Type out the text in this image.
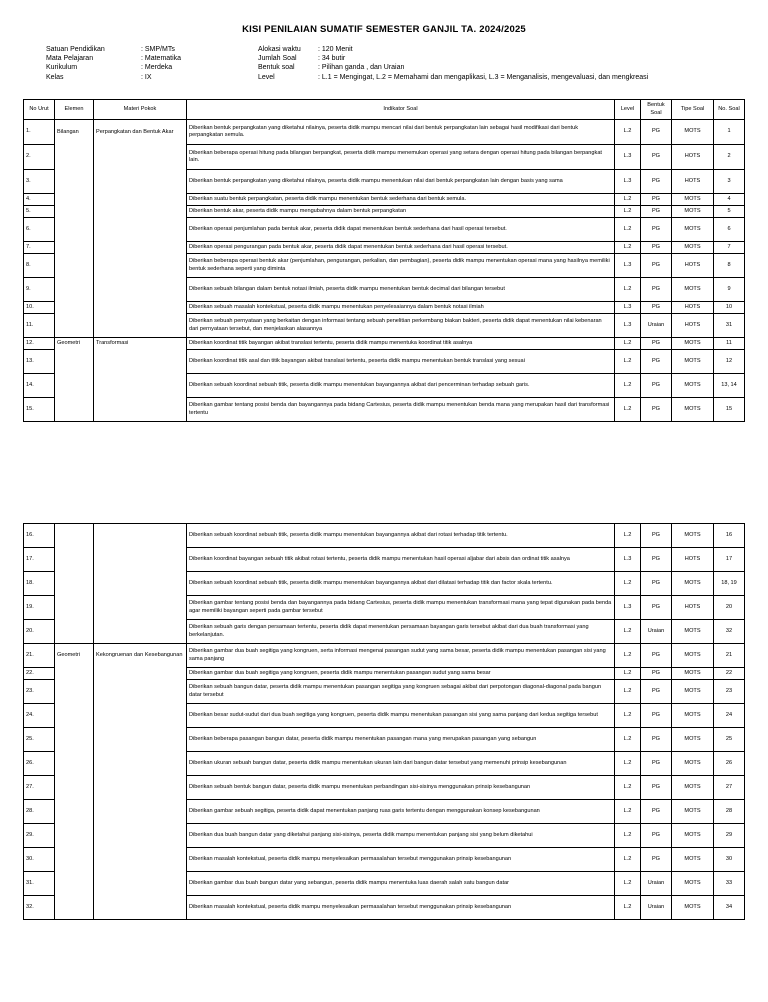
KISI PENILAIAN SUMATIF SEMESTER GANJIL TA. 2024/2025
Satuan Pendidikan	: SMP/MTs
Mata Pelajaran	: Matematika
Kurikulum	: Merdeka
Kelas	: IX
Alokasi waktu	: 120 Menit
Jumlah Soal	: 34 butir
Bentuk soal	: Pilihan ganda , dan Uraian
Level	: L.1 = Mengingat, L.2 = Memahami dan mengaplikasi, L.3 = Menganalisis, mengevaluasi, dan mengkreasi
No Urut	Elemen	Materi Pokok	Indikator Soal	Level	Bentuk Soal	Tipe Soal	No. Soal
1.	Bilangan	Perpangkatan dan Bentuk Akar	Diberikan bentuk perpangkatan yang diketahui nilainya, peserta didik mampu mencari nilai dari bentuk perpangkatan lain sebagai hasil modifikasi dari bentuk perpangkatan semula.	L.2	PG	MOTS	1
2.			Diberikan beberapa operasi hitung pada bilangan berpangkat, peserta didik mampu menemukan operasi yang setara dengan operasi hitung pada bilangan berpangkat lain.	L.3	PG	HOTS	2
3.			Diberikan bentuk perpangkatan yang diketahui nilainya, peserta didik mampu menentukan nilai dari bentuk perpangkatan lain dengan basis yang sama	L.3	PG	HOTS	3
4.			Diberikan suatu bentuk perpangkatan, peserta didik mampu menentukan bentuk sederhana dari bentuk semula.	L.2	PG	MOTS	4
5.			Diberikan bentuk akar, peserta didik mampu mengubahnya dalam bentuk perpangkatan	L.2	PG	MOTS	5
6.			Diberikan operasi penjumlahan pada bentuk akar, peserta didik dapat menentukan bentuk sederhana dari hasil operasi tersebut.	L.2	PG	MOTS	6
7.			Diberikan operasi pengurangan pada bentuk akar, peserta didik dapat menentukan bentuk sederhana dari hasil operasi tersebut.	L.2	PG	MOTS	7
8.			Diberikan beberapa operasi bentuk akar (penjumlahan, pengurangan, perkalian, dan pembagian), peserta didik mampu menentukan operasi mana yang hasilnya memiliki bentuk sederhana seperti yang diminta	L.3	PG	HOTS	8
9.			Diberikan sebuah bilangan dalam bentuk notasi ilmiah, peserta didik mampu menentukan bentuk decimal dari bilangan tersebut	L.2	PG	MOTS	9
10.			Diberikan sebuah masalah kontekstual, peserta didik mampu menentukan penyelesaiannya dalam bentuk notasi ilmiah	L.3	PG	HOTS	10
11.			Diberikan sebuah pernyataan yang berkaitan dengan informasi tentang sebuah penelitian perkembang biakan bakteri, peserta didik dapat menentukan nilai kebenaran dari pernyataan tersebut, dan menjelaskan alasannya	L.3	Uraian	HOTS	31
12.	Geometri	Transformasi	Diberikan koordinat titik bayangan akibat translasi tertentu, peserta didik mampu menentuka koordinat titik asalnya	L.2	PG	MOTS	11
13.			Diberikan koordinat titik asal dan titik bayangan akibat translasi tertentu, peserta didik mampu menentukan bentuk translasi yang sesuai	L.2	PG	MOTS	12
14.			Diberikan sebuah koordinat sebuah titik, peserta didik mampu menentukan bayangannya akibat dari pencerminan terhadap sebuah garis.	L.2	PG	MOTS	13, 14
15.			Diberikan gambar tentang posisi benda dan bayangannya pada bidang Cartesius, peserta didik mampu menentukan benda mana yang merupakan hasil dari transformasi tertentu	L.2	PG	MOTS	15
16.			Diberikan sebuah koordinat sebuah titik, peserta didik mampu menentukan bayangannya akibat dari rotasi terhadap titik tertentu.	L.2	PG	MOTS	16
17.			Diberikan koordinat bayangan sebuah titik akibat rotasi tertentu, peserta didik mampu menentukan hasil operasi aljabar dari absis dan ordinat titik asalnya	L.3	PG	HOTS	17
18.			Diberikan sebuah koordinat sebuah titik, peserta didik mampu menentukan bayangannya akibat dari dilatasi terhadap titik dan factor skala tertentu.	L.2	PG	MOTS	18, 19
19.			Diberikan gambar tentang posisi benda dan bayangannya pada bidang Cartesius, peserta didik mampu menentukan transformasi mana yang tepat digunakan pada benda agar memiliki bayangan seperti pada gambar tersebut	L.3	PG	HOTS	20
20.			Diberikan sebuah garis dengan persamaan tertentu, peserta didik dapat menentukan persamaan bayangan garis tersebut akibat dari dua buah transformasi yang berkelanjutan.	L.2	Uraian	MOTS	32
21.	Geometri	Kekongruenan dan Kesebangunan	Diberikan gambar dua buah segitiga yang kongruen, serta informasi mengenai pasangan sudut yang sama besar, peserta didik mampu menentukan pasangan sisi yang sama panjang	L.2	PG	MOTS	21
22.			Diberikan gambar dua buah segitiga yang kongruen, peserta didik mampu menentukan pasangan sudut yang sama besar	L.2	PG	MOTS	22
23.			Diberikan sebuah bangun datar, peserta didik mampu menentukan pasangan segitiga yang kongruen sebagai akibat dari perpotongan diagonal-diagonal pada bangun datar tersebut	L.2	PG	MOTS	23
24.			Diberikan besar sudut-sudut dari dua buah segitiga yang kongruen, peserta didik mampu menentukan pasangan sisi yang sama panjang dari kedua segitiga tersebut	L.2	PG	MOTS	24
25.			Diberikan beberapa pasangan bangun datar, peserta didik mampu menentukan pasangan mana yang merupakan pasangan yang sebangun	L.2	PG	MOTS	25
26.			Diberikan ukuran sebuah bangun datar, peserta didik mampu menentukan ukuran lain dari bangun datar tersebut yang memenuhi prinsip kesebangunan	L.2	PG	MOTS	26
27.			Diberikan sebuah bentuk bangun datar, peserta didik mampu menentukan perbandingan sisi-sisinya menggunakan prinsip kesebangunan	L.2	PG	MOTS	27
28.			Diberikan gambar sebuah segitiga, peserta didik dapat menentukan panjang ruas garis tertentu dengan menggunakan konsep kesebangunan	L.2	PG	MOTS	28
29.			Diberikan dua buah bangun datar yang diketahui panjang sisi-sisinya, peserta didik mampu menentukan panjang sisi yang belum diketahui	L.2	PG	MOTS	29
30.			Diberikan masalah kontekstual, peserta didik mampu menyelesaikan permasalahan tersebut menggunakan prinsip kesebangunan	L.2	PG	MOTS	30
31.			Diberikan gambar dua buah bangun datar yang sebangun, peserta didik mampu menentuka luas daerah salah satu bangun datar	L.2	Uraian	MOTS	33
32.			Diberikan masalah kontekstual, peserta didik mampu menyelesaikan permasalahan tersebut menggunakan prinsip kesebangunan	L.2	Uraian	MOTS	34
